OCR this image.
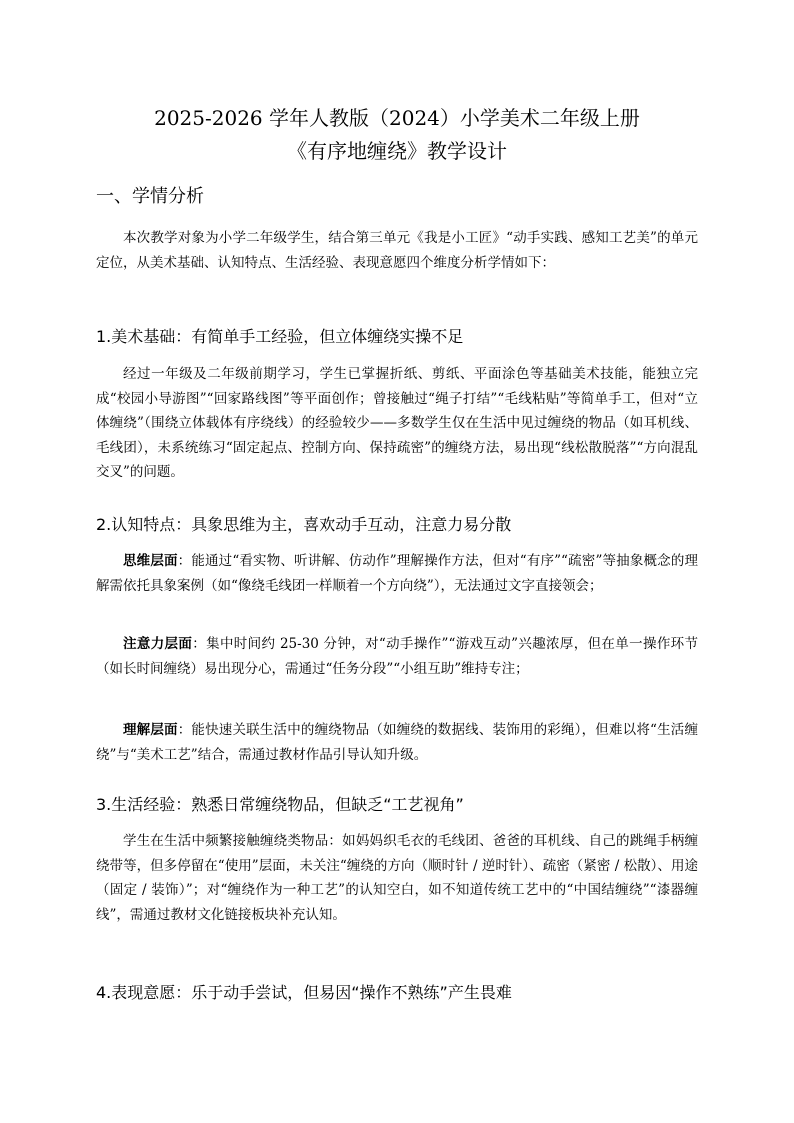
2025-2026 学年人教版（2024）小学美术二年级上册
《有序地缠绕》教学设计
一、学情分析
本次教学对象为小学二年级学生，结合第三单元《我是小工匠》“动手实践、感知工艺美”的单元定位，从美术基础、认知特点、生活经验、表现意愿四个维度分析学情如下：
1.美术基础：有简单手工经验，但立体缠绕实操不足
经过一年级及二年级前期学习，学生已掌握折纸、剪纸、平面涂色等基础美术技能，能独立完成“校园小导游图”“回家路线图”等平面创作；曾接触过“绳子打结”“毛线粘贴”等简单手工，但对“立体缠绕”（围绕立体载体有序绕线）的经验较少——多数学生仅在生活中见过缠绕的物品（如耳机线、毛线团），未系统练习“固定起点、控制方向、保持疏密”的缠绕方法，易出现“线松散脱落”“方向混乱交叉”的问题。
2.认知特点：具象思维为主，喜欢动手互动，注意力易分散
思维层面：能通过“看实物、听讲解、仿动作”理解操作方法，但对“有序”“疏密”等抽象概念的理解需依托具象案例（如“像绕毛线团一样顺着一个方向绕”），无法通过文字直接领会；
注意力层面：集中时间约 25-30 分钟，对“动手操作”“游戏互动”兴趣浓厚，但在单一操作环节（如长时间缠绕）易出现分心，需通过“任务分段”“小组互助”维持专注；
理解层面：能快速关联生活中的缠绕物品（如缠绕的数据线、装饰用的彩绳），但难以将“生活缠绕”与“美术工艺”结合，需通过教材作品引导认知升级。
3.生活经验：熟悉日常缠绕物品，但缺乏“工艺视角”
学生在生活中频繁接触缠绕类物品：如妈妈织毛衣的毛线团、爸爸的耳机线、自己的跳绳手柄缠绕带等，但多停留在“使用”层面，未关注“缠绕的方向（顺时针 / 逆时针）、疏密（紧密 / 松散）、用途（固定 / 装饰）”；对“缠绕作为一种工艺”的认知空白，如不知道传统工艺中的“中国结缠绕”“漆器缠线”，需通过教材文化链接板块补充认知。
4.表现意愿：乐于动手尝试，但易因“操作不熟练”产生畏难
